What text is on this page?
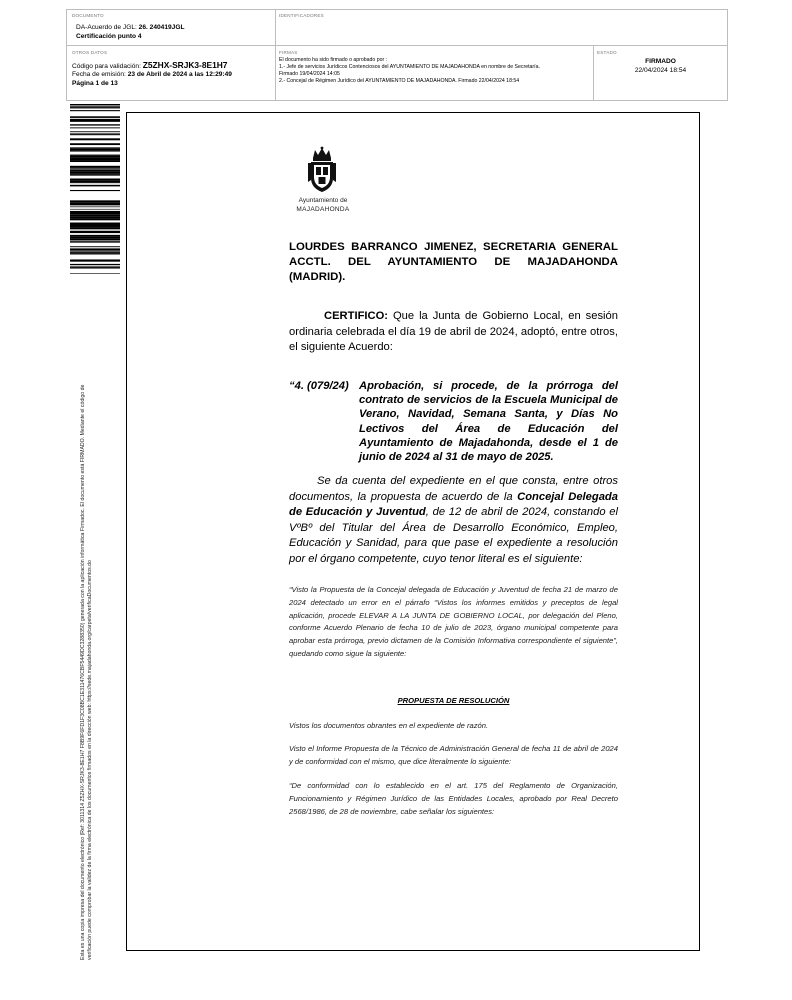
DOCUMENTO
DA-Acuerdo de JGL: 26. 240419JGL
Certificación punto 4
IDENTIFICADORES
OTROS DATOS
Código para validación: Z5ZHX-SRJK3-8E1H7
Fecha de emisión: 23 de Abril de 2024 a las 12:29:49
Página 1 de 13
FIRMAS
El documento ha sido firmado o aprobado por :
1.- Jefe de servicios Jurídicos Contenciosos del AYUNTAMIENTO DE MAJADAHONDA en nombre de Secretaría.
Firmado 19/04/2024 14:05
2.- Concejal de Régimen Jurídico del AYUNTAMIENTO DE MAJADAHONDA. Firmado 22/04/2024 18:54
ESTADO
FIRMADO
22/04/2024 18:54
Esta es una copia impresa del documento electrónico (Ref: 3011314 Z5ZHX-SRJK3-8E1H7 F8B9F6FD1F3C08BC1E311476CBF5449DC3288350) generada con la aplicación informática Firmadoc. El documento está FIRMADO. Mediante el código de verificación puede comprobar la validez de la firma electrónica de los documentos firmados en la dirección web: https://sede.majadahonda.org/carpeta/verificaDocumentos.do
Ayuntamiento de
MAJADAHONDA
LOURDES BARRANCO JIMENEZ, SECRETARIA GENERAL ACCTL. DEL AYUNTAMIENTO DE MAJADAHONDA (MADRID).
CERTIFICO: Que la Junta de Gobierno Local, en sesión ordinaria celebrada el día 19 de abril de 2024, adoptó, entre otros, el siguiente Acuerdo:
“4. (079/24) Aprobación, si procede, de la prórroga del contrato de servicios de la Escuela Municipal de Verano, Navidad, Semana Santa, y Días No Lectivos del Área de Educación del Ayuntamiento de Majadahonda, desde el 1 de junio de 2024 al 31 de mayo de 2025.
Se da cuenta del expediente en el que consta, entre otros documentos, la propuesta de acuerdo de la Concejal Delegada de Educación y Juventud, de 12 de abril de 2024, constando el VºBº del Titular del Área de Desarrollo Económico, Empleo, Educación y Sanidad, para que pase el expediente a resolución por el órgano competente, cuyo tenor literal es el siguiente:
“Visto la Propuesta de la Concejal delegada de Educación y Juventud de fecha 21 de marzo de 2024 detectado un error en el párrafo “Vistos los informes emitidos y preceptos de legal aplicación, procede ELEVAR A LA JUNTA DE GOBIERNO LOCAL, por delegación del Pleno, conforme Acuerdo Plenario de fecha 10 de julio de 2023, órgano municipal competente para aprobar esta prórroga, previo dictamen de la Comisión Informativa correspondiente el siguiente”, quedando como sigue la siguiente:
PROPUESTA DE RESOLUCIÓN
Vistos los documentos obrantes en el expediente de razón.
Visto el Informe Propuesta de la Técnico de Administración General de fecha 11 de abril de 2024 y de conformidad con el mismo, que dice literalmente lo siguiente:
“De conformidad con lo establecido en el art. 175 del Reglamento de Organización, Funcionamiento y Régimen Jurídico de las Entidades Locales, aprobado por Real Decreto 2568/1986, de 28 de noviembre, cabe señalar los siguientes:
